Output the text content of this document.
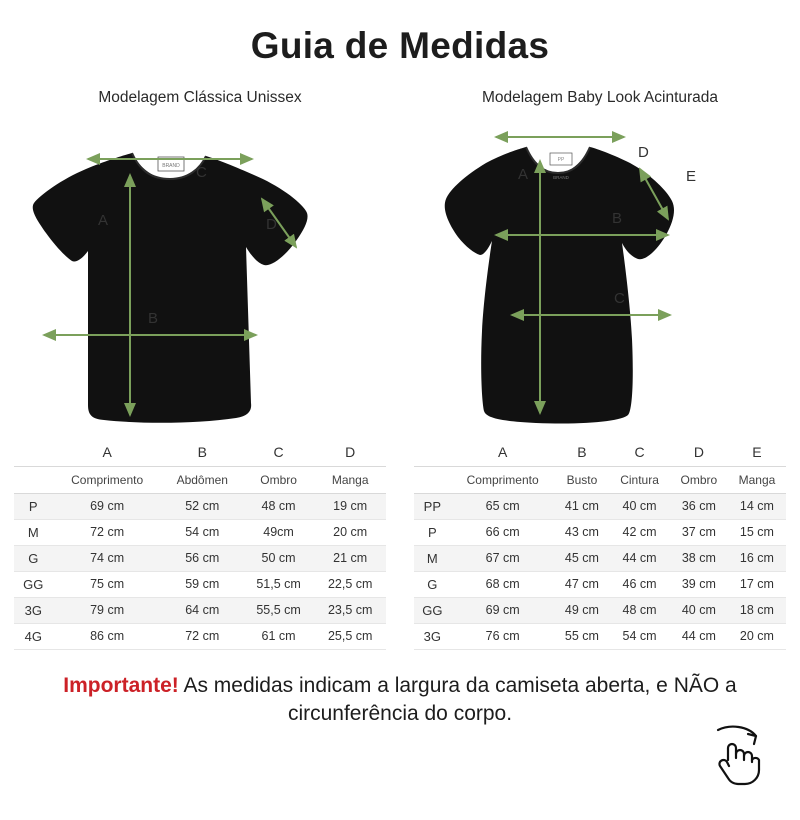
Guia de Medidas
Modelagem Clássica Unissex
BRAND C
A
B
D
Modelagem Baby Look Acinturada
PP
BRAND
D
A
B
C
E
	A	B	C	D
	Comprimento	Abdômen	Ombro	Manga
P	69 cm	52 cm	48 cm	19 cm
M	72 cm	54 cm	49cm	20 cm
G	74 cm	56 cm	50 cm	21 cm
GG	75 cm	59 cm	51,5 cm	22,5 cm
3G	79 cm	64 cm	55,5 cm	23,5 cm
4G	86 cm	72 cm	61 cm	25,5 cm
	A	B	C	D	E
	Comprimento	Busto	Cintura	Ombro	Manga
PP	65 cm	41 cm	40 cm	36 cm	14 cm
P	66 cm	43 cm	42 cm	37 cm	15 cm
M	67 cm	45 cm	44 cm	38 cm	16 cm
G	68 cm	47 cm	46 cm	39 cm	17 cm
GG	69 cm	49 cm	48 cm	40 cm	18 cm
3G	76 cm	55 cm	54 cm	44 cm	20 cm
Importante! As medidas indicam a largura da camiseta aberta, e NÃO a circunferência do corpo.
